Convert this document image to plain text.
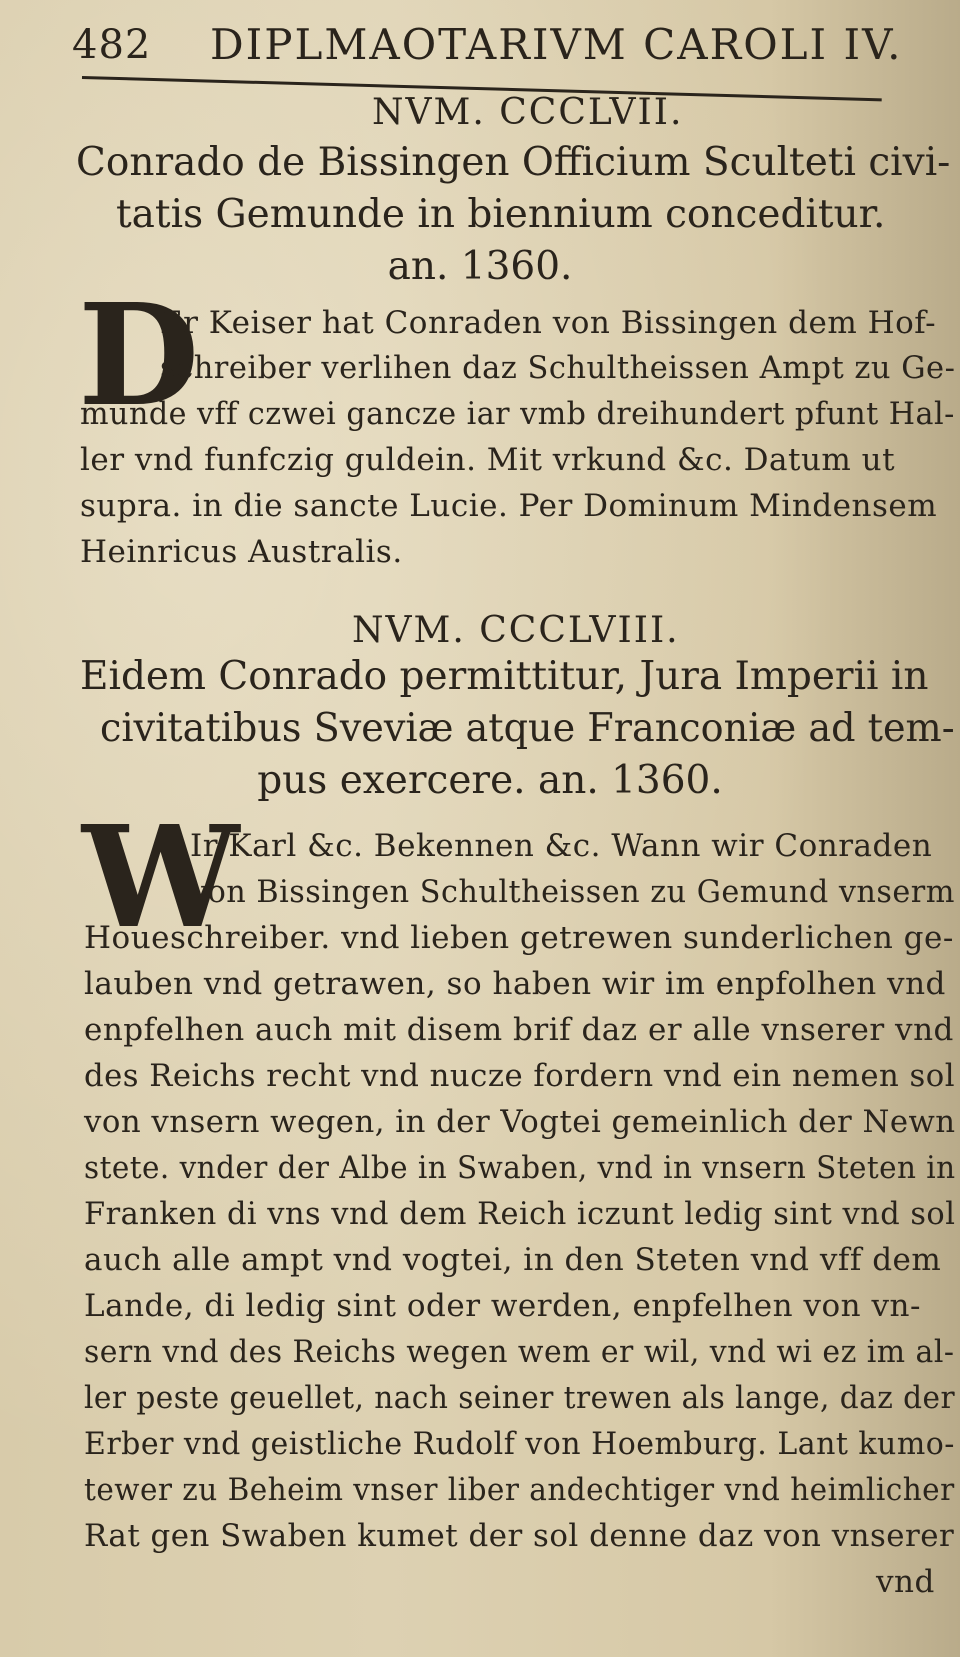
482 DIPLMAOTARIVM CAROLI IV.
NVM. CCCLVII.
Conrado de Bissingen Officium Sculteti civi-
tatis Gemunde in biennium conceditur.
an. 1360.
D
Er Keiser hat Conraden von Bissingen dem Hof-
schreiber verlihen daz Schultheissen Ampt zu Ge-
munde vff czwei gancze iar vmb dreihundert pfunt Hal-
ler vnd funfczig guldein. Mit vrkund &c. Datum ut
supra. in die sancte Lucie. Per Dominum Mindensem
Heinricus Australis.
NVM. CCCLVIII.
Eidem Conrado permittitur, Jura Imperii in
civitatibus Sveviæ atque Franconiæ ad tem-
pus exercere. an. 1360.
W
Ir Karl &c. Bekennen &c. Wann wir Conraden
von Bissingen Schultheissen zu Gemund vnserm
Houeschreiber. vnd lieben getrewen sunderlichen ge-
lauben vnd getrawen, so haben wir im enpfolhen vnd
enpfelhen auch mit disem brif daz er alle vnserer vnd
des Reichs recht vnd nucze fordern vnd ein nemen sol
von vnsern wegen, in der Vogtei gemeinlich der Newn
stete. vnder der Albe in Swaben, vnd in vnsern Steten in
Franken di vns vnd dem Reich iczunt ledig sint vnd sol
auch alle ampt vnd vogtei, in den Steten vnd vff dem
Lande, di ledig sint oder werden, enpfelhen von vn-
sern vnd des Reichs wegen wem er wil, vnd wi ez im al-
ler peste geuellet, nach seiner trewen als lange, daz der
Erber vnd geistliche Rudolf von Hoemburg. Lant kumo-
tewer zu Beheim vnser liber andechtiger vnd heimlicher
Rat gen Swaben kumet der sol denne daz von vnserer
vnd
